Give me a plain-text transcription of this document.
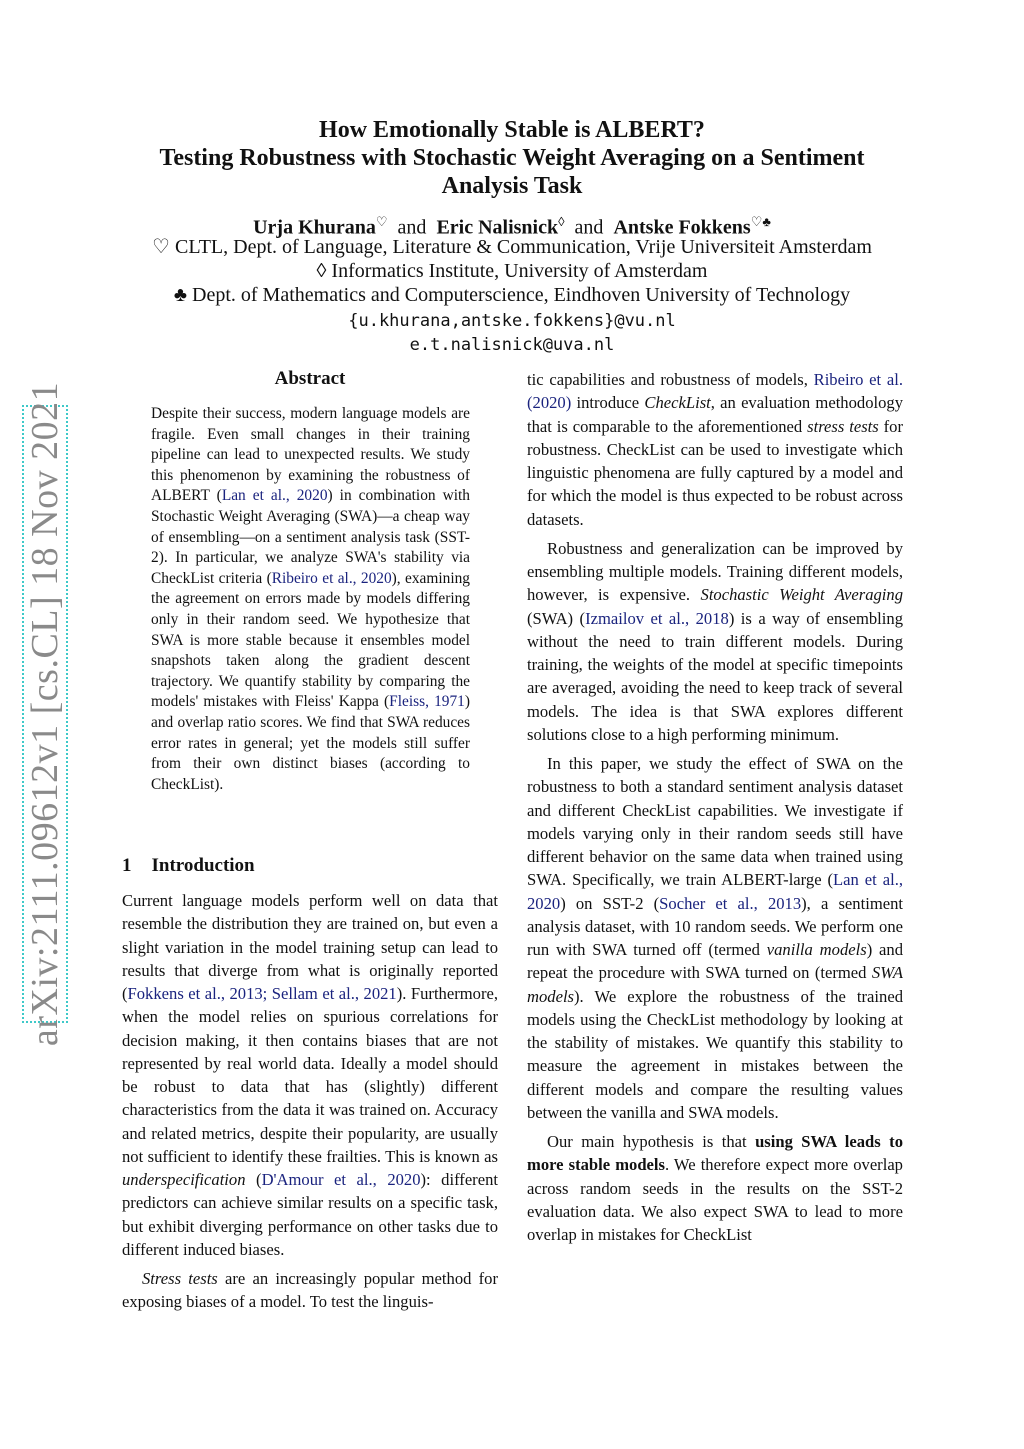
arXiv:2111.09612v1 [cs.CL] 18 Nov 2021
How Emotionally Stable is ALBERT?
Testing Robustness with Stochastic Weight Averaging on a Sentiment
Analysis Task
Urja Khurana♡ and Eric Nalisnick◊ and Antske Fokkens♡♣
♡ CLTL, Dept. of Language, Literature & Communication, Vrije Universiteit Amsterdam
◊ Informatics Institute, University of Amsterdam
♣ Dept. of Mathematics and Computerscience, Eindhoven University of Technology
{u.khurana,antske.fokkens}@vu.nl
e.t.nalisnick@uva.nl
Abstract
Despite their success, modern language models are fragile. Even small changes in their training pipeline can lead to unexpected results. We study this phenomenon by examining the robustness of ALBERT (Lan et al., 2020) in combination with Stochastic Weight Averaging (SWA)—a cheap way of ensembling—on a sentiment analysis task (SST-2). In particular, we analyze SWA's stability via CheckList criteria (Ribeiro et al., 2020), examining the agreement on errors made by models differing only in their random seed. We hypothesize that SWA is more stable because it ensembles model snapshots taken along the gradient descent trajectory. We quantify stability by comparing the models' mistakes with Fleiss' Kappa (Fleiss, 1971) and overlap ratio scores. We find that SWA reduces error rates in general; yet the models still suffer from their own distinct biases (according to CheckList).
1 Introduction

Current language models perform well on data that resemble the distribution they are trained on, but even a slight variation in the model training setup can lead to results that diverge from what is originally reported (Fokkens et al., 2013; Sellam et al., 2021). Furthermore, when the model relies on spurious correlations for decision making, it then contains biases that are not represented by real world data. Ideally a model should be robust to data that has (slightly) different characteristics from the data it was trained on. Accuracy and related metrics, despite their popularity, are usually not sufficient to identify these frailties. This is known as underspecification (D'Amour et al., 2020): different predictors can achieve similar results on a specific task, but exhibit diverging performance on other tasks due to different induced biases.

Stress tests are an increasingly popular method for exposing biases of a model. To test the linguis-

tic capabilities and robustness of models, Ribeiro et al. (2020) introduce CheckList, an evaluation methodology that is comparable to the aforementioned stress tests for robustness. CheckList can be used to investigate which linguistic phenomena are fully captured by a model and for which the model is thus expected to be robust across datasets.

Robustness and generalization can be improved by ensembling multiple models. Training different models, however, is expensive. Stochastic Weight Averaging (SWA) (Izmailov et al., 2018) is a way of ensembling without the need to train different models. During training, the weights of the model at specific timepoints are averaged, avoiding the need to keep track of several models. The idea is that SWA explores different solutions close to a high performing minimum.

In this paper, we study the effect of SWA on the robustness to both a standard sentiment analysis dataset and different CheckList capabilities. We investigate if models varying only in their random seeds still have different behavior on the same data when trained using SWA. Specifically, we train ALBERT-large (Lan et al., 2020) on SST-2 (Socher et al., 2013), a sentiment analysis dataset, with 10 random seeds. We perform one run with SWA turned off (termed vanilla models) and repeat the procedure with SWA turned on (termed SWA models). We explore the robustness of the trained models using the CheckList methodology by looking at the stability of mistakes. We quantify this stability to measure the agreement in mistakes between the different models and compare the resulting values between the vanilla and SWA models.

Our main hypothesis is that using SWA leads to more stable models. We therefore expect more overlap across random seeds in the results on the SST-2 evaluation data. We also expect SWA to lead to more overlap in mistakes for CheckList
